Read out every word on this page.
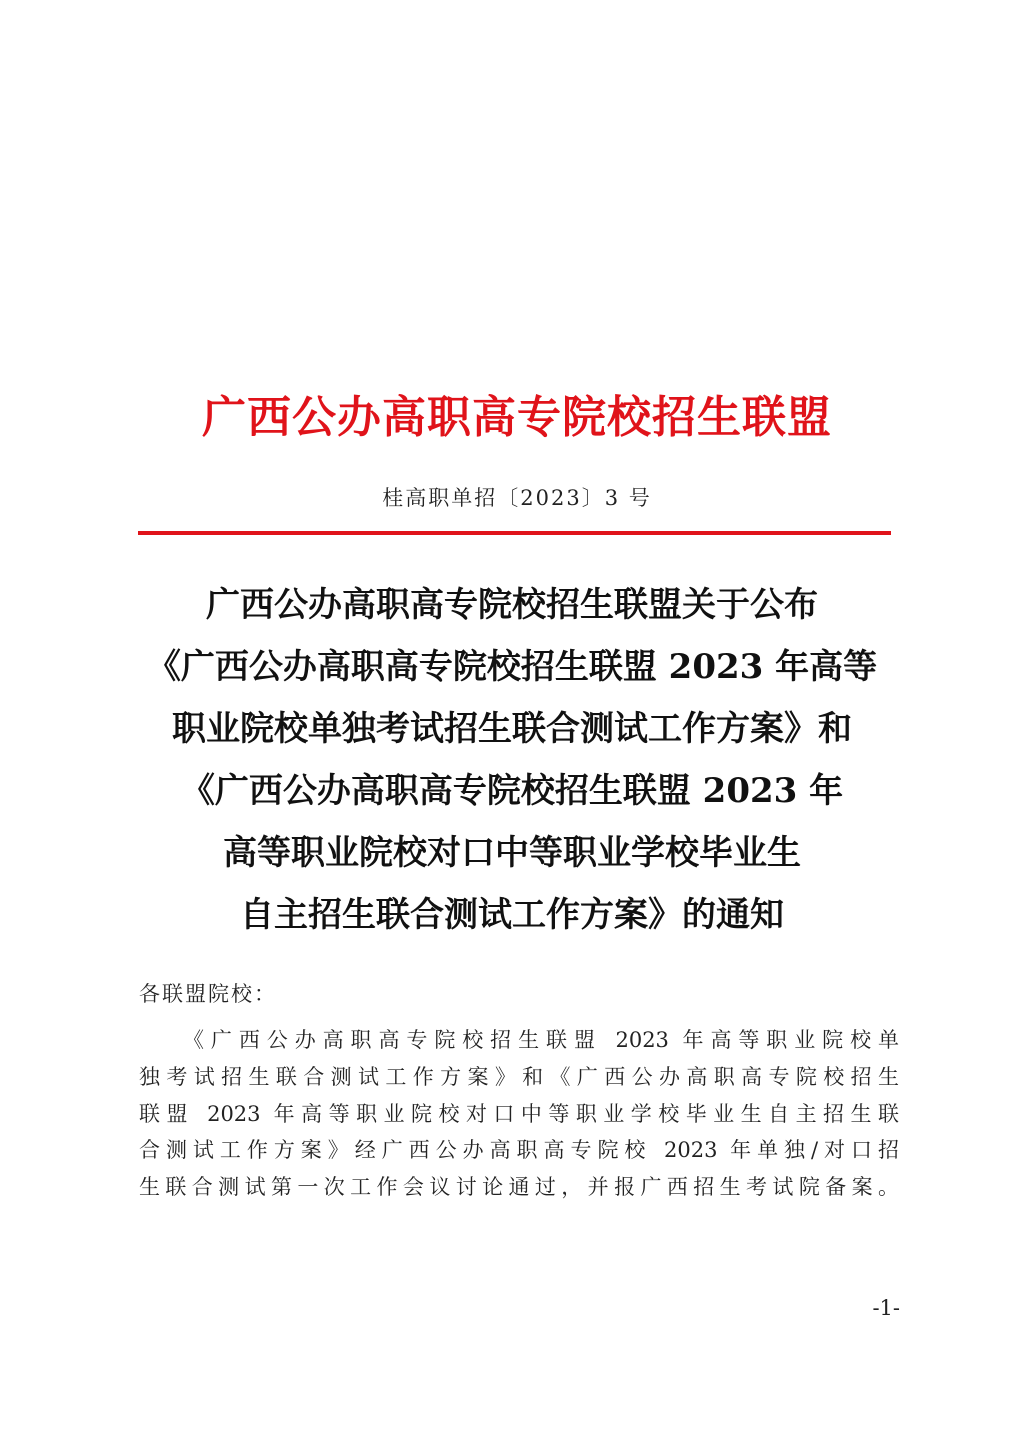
广西公办高职高专院校招生联盟
桂高职单招〔2023〕3 号
广西公办高职高专院校招生联盟关于公布
《广西公办高职高专院校招生联盟 2023 年高等
职业院校单独考试招生联合测试工作方案》和
《广西公办高职高专院校招生联盟 2023 年
高等职业院校对口中等职业学校毕业生
自主招生联合测试工作方案》的通知
各联盟院校：
《广西公办高职高专院校招生联盟 2023 年高等职业院校单
独考试招生联合测试工作方案》和《广西公办高职高专院校招生
联盟 2023 年高等职业院校对口中等职业学校毕业生自主招生联
合测试工作方案》经广西公办高职高专院校 2023 年单独/对口招
生联合测试第一次工作会议讨论通过，并报广西招生考试院备案。
-1-
